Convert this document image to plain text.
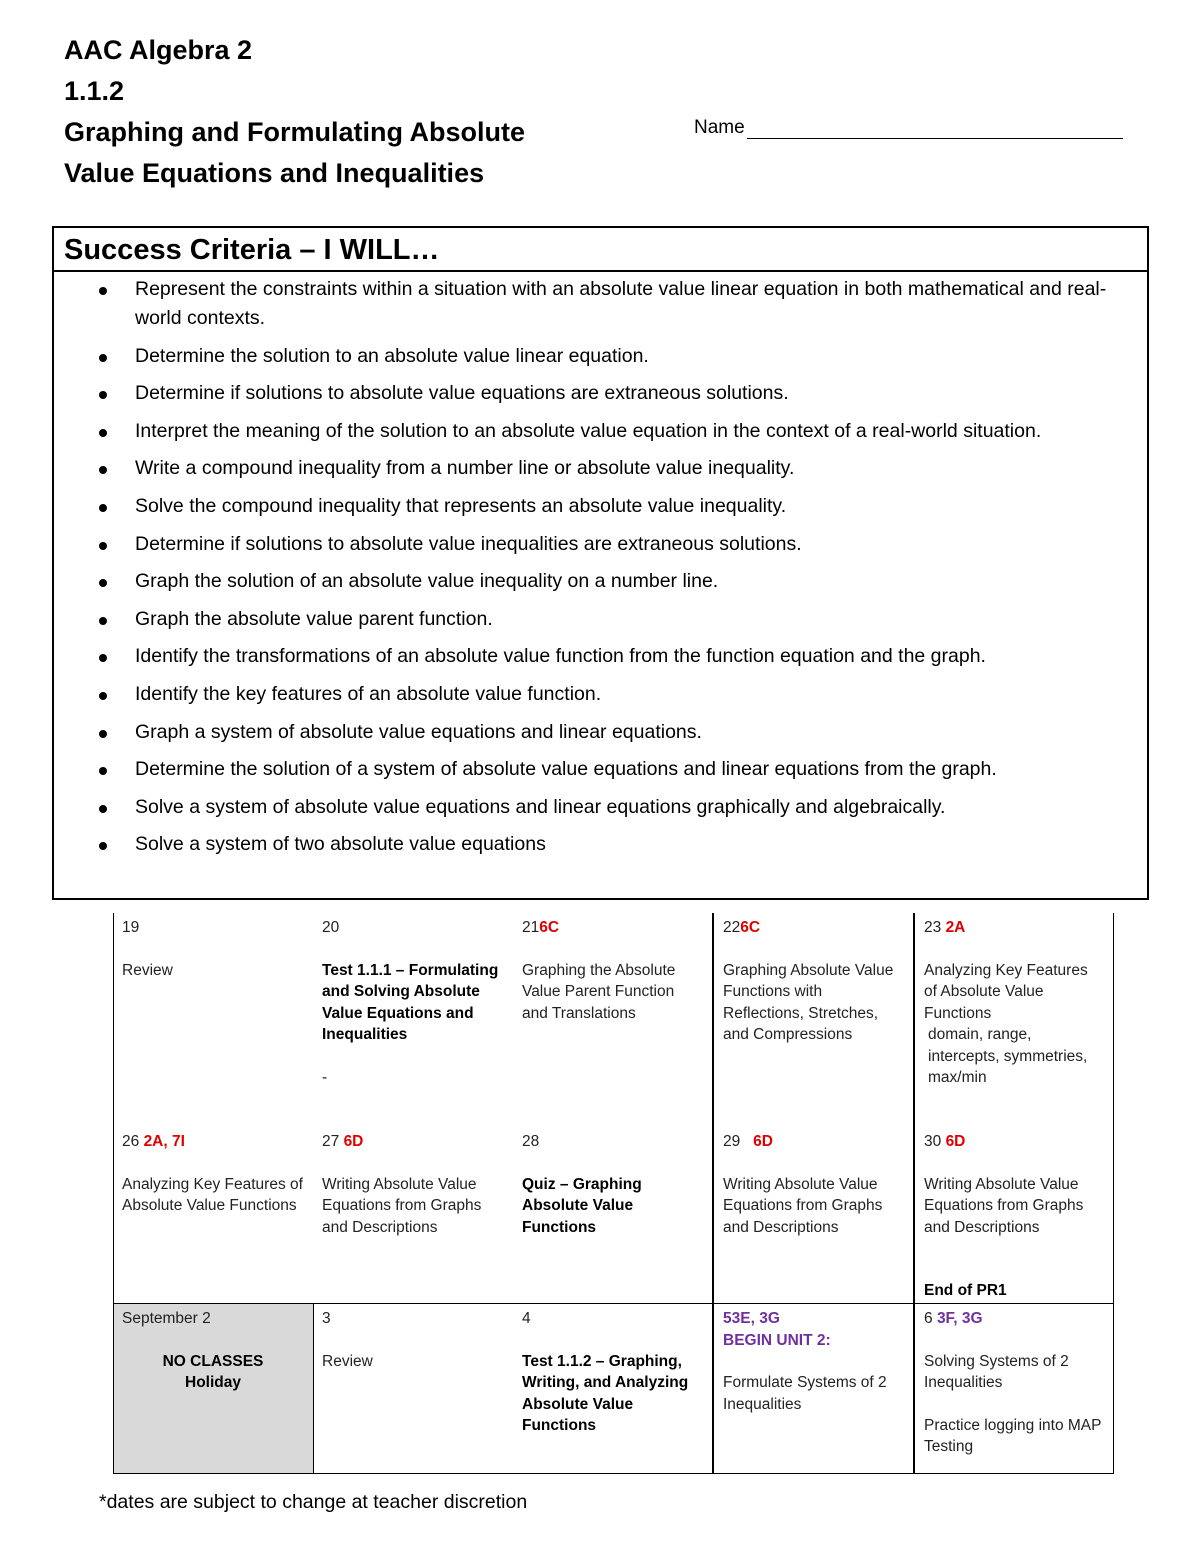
AAC Algebra 2
1.1.2
Graphing and Formulating Absolute
Value Equations and Inequalities
Name
Success Criteria – I WILL…
Represent the constraints within a situation with an absolute value linear equation in both mathematical and real-world contexts.
Determine the solution to an absolute value linear equation.
Determine if solutions to absolute value equations are extraneous solutions.
Interpret the meaning of the solution to an absolute value equation in the context of a real-world situation.
Write a compound inequality from a number line or absolute value inequality.
Solve the compound inequality that represents an absolute value inequality.
Determine if solutions to absolute value inequalities are extraneous solutions.
Graph the solution of an absolute value inequality on a number line.
Graph the absolute value parent function.
Identify the transformations of an absolute value function from the function equation and the graph.
Identify the key features of an absolute value function.
Graph a system of absolute value equations and linear equations.
Determine the solution of a system of absolute value equations and linear equations from the graph.
Solve a system of absolute value equations and linear equations graphically and algebraically.
Solve a system of two absolute value equations
19
Review
20
Test 1.1.1 – Formulating and Solving Absolute Value Equations and Inequalities
-
216C
Graphing the Absolute Value Parent Function and Translations
226C
Graphing Absolute Value Functions with Reflections, Stretches, and Compressions
23 2A
Analyzing Key Features of Absolute Value Functions
domain, range, intercepts, symmetries, max/min
26 2A, 7I
Analyzing Key Features of Absolute Value Functions
27 6D
Writing Absolute Value Equations from Graphs and Descriptions
28
Quiz – Graphing Absolute Value Functions
29 6D
Writing Absolute Value Equations from Graphs and Descriptions
30 6D
Writing Absolute Value Equations from Graphs and Descriptions
End of PR1
September 2
NO CLASSES
Holiday
3
Review
4
Test 1.1.2 – Graphing, Writing, and Analyzing Absolute Value Functions
53E, 3G
BEGIN UNIT 2:
Formulate Systems of 2 Inequalities
6 3F, 3G
Solving Systems of 2 Inequalities
Practice logging into MAP Testing
*dates are subject to change at teacher discretion
